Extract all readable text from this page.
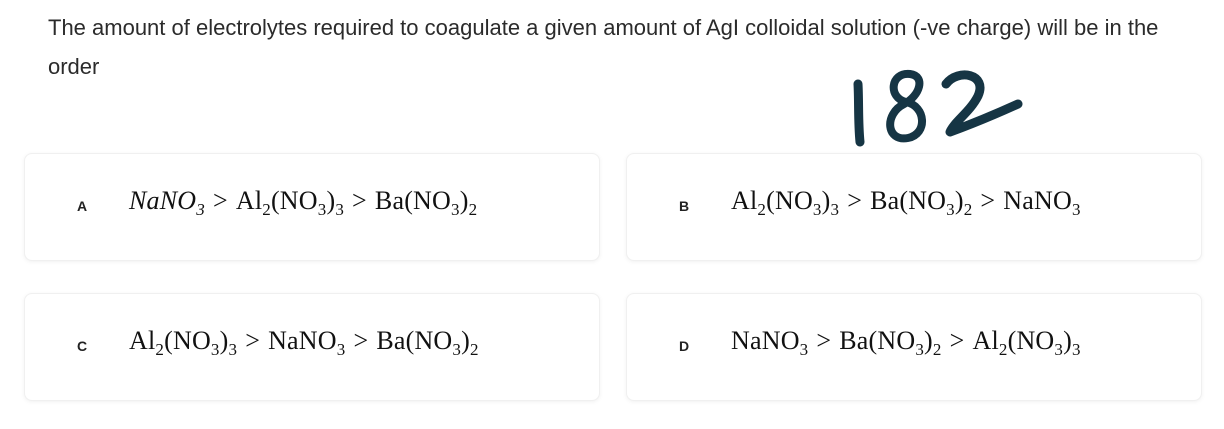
The amount of electrolytes required to coagulate a given amount of AgI colloidal solution (-ve charge) will be in the order
A NaNO$_3$ > $Al_2(NO_3)_3 > Ba(NO_3)_2$	B $Al_2(NO_3)_3 > Ba(NO_3)_2$ > NaNO$_3$
C $Al_2(NO_3)_3$ > NaNO$_3$ > $Ba(NO_3)_2$	D NaNO$_3$ > $Ba(NO_3)_2 > Al_2(NO_3)_3$
